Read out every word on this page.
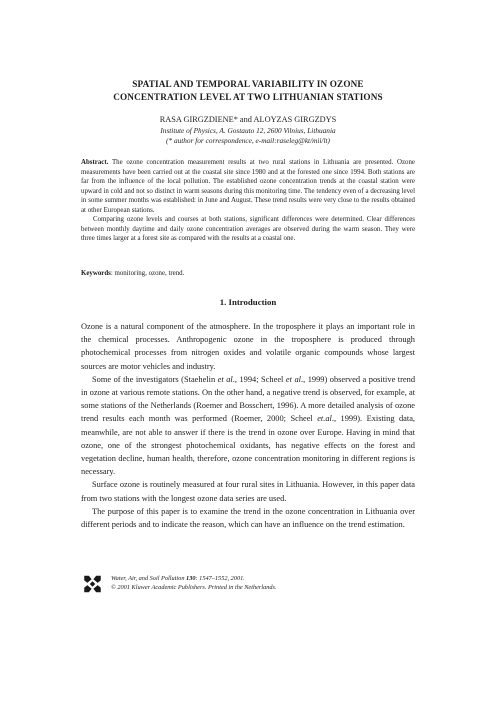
SPATIAL AND TEMPORAL VARIABILITY IN OZONE
CONCENTRATION LEVEL AT TWO LITHUANIAN STATIONS
RASA GIRGZDIENE* and ALOYZAS GIRGZDYS
Institute of Physics, A. Gostauto 12, 2600 Vilnius, Lithuania
(* author for correspondence, e-mail:raseleg@kt/mii/lt)

Abstract. The ozone concentration measurement results at two rural stations in Lithuania are presented. Ozone measurements have been carried out at the coastal site since 1980 and at the forested one since 1994. Both stations are far from the influence of the local pollution. The established ozone concentration trends at the coastal station were upward in cold and not so distinct in warm seasons during this monitoring time. The tendency even of a decreasing level in some summer months was established: in June and August. These trend results were very close to the results obtained at other European stations.

Comparing ozone levels and courses at both stations, significant differences were determined. Clear differences between monthly daytime and daily ozone concentration averages are observed during the warm season. They were three times larger at a forest site as compared with the results at a coastal one.

Keywords: monitoring, ozone, trend.
1. Introduction

Ozone is a natural component of the atmosphere. In the troposphere it plays an important role in the chemical processes. Anthropogenic ozone in the troposphere is produced through photochemical processes from nitrogen oxides and volatile organic compounds whose largest sources are motor vehicles and industry.

Some of the investigators (Staehelin et al., 1994; Scheel et al., 1999) observed a positive trend in ozone at various remote stations. On the other hand, a negative trend is observed, for example, at some stations of the Netherlands (Roemer and Bosschert, 1996). A more detailed analysis of ozone trend results each month was performed (Roemer, 2000; Scheel et.al., 1999). Existing data, meanwhile, are not able to answer if there is the trend in ozone over Europe. Having in mind that ozone, one of the strongest photochemical oxidants, has negative effects on the forest and vegetation decline, human health, therefore, ozone concentration monitoring in different regions is necessary.

Surface ozone is routinely measured at four rural sites in Lithuania. However, in this paper data from two stations with the longest ozone data series are used.

The purpose of this paper is to examine the trend in the ozone concentration in Lithuania over different periods and to indicate the reason, which can have an influence on the trend estimation.

Water, Air, and Soil Pollution 130: 1547–1552, 2001.
© 2001 Kluwer Academic Publishers. Printed in the Netherlands.
